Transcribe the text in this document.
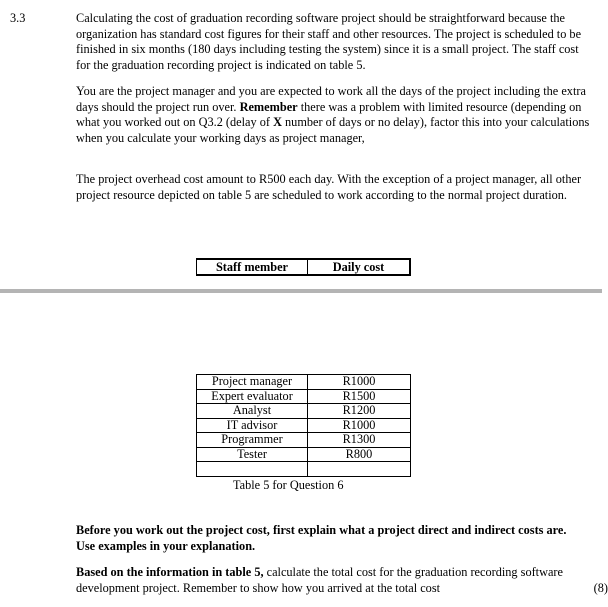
3.3	Calculating the cost of graduation recording software project should be straightforward because the
organization has standard cost figures for their staff and other resources. The project is scheduled to be
finished in six months (180 days including testing the system) since it is a small project. The staff cost
for the graduation recording project is indicated on table 5.
You are the project manager and you are expected to work all the days of the project including the extra
days should the project run over. Remember there was a problem with limited resource (depending on
what you worked out on Q3.2 (delay of X number of days or no delay), factor this into your calculations
when you calculate your working days as project manager,
The project overhead cost amount to R500 each day. With the exception of a project manager, all other
project resource depicted on table 5 are scheduled to work according to the normal project duration.
Staff member	Daily cost
Project manager	R1000
Expert evaluator	R1500
Analyst	R1200
IT advisor	R1000
Programmer	R1300
Tester	R800

Table 5 for Question 6
Before you work out the project cost, first explain what a project direct and indirect costs are.
Use examples in your explanation.
Based on the information in table 5, calculate the total cost for the graduation recording software
development project. Remember to show how you arrived at the total cost	(8)
